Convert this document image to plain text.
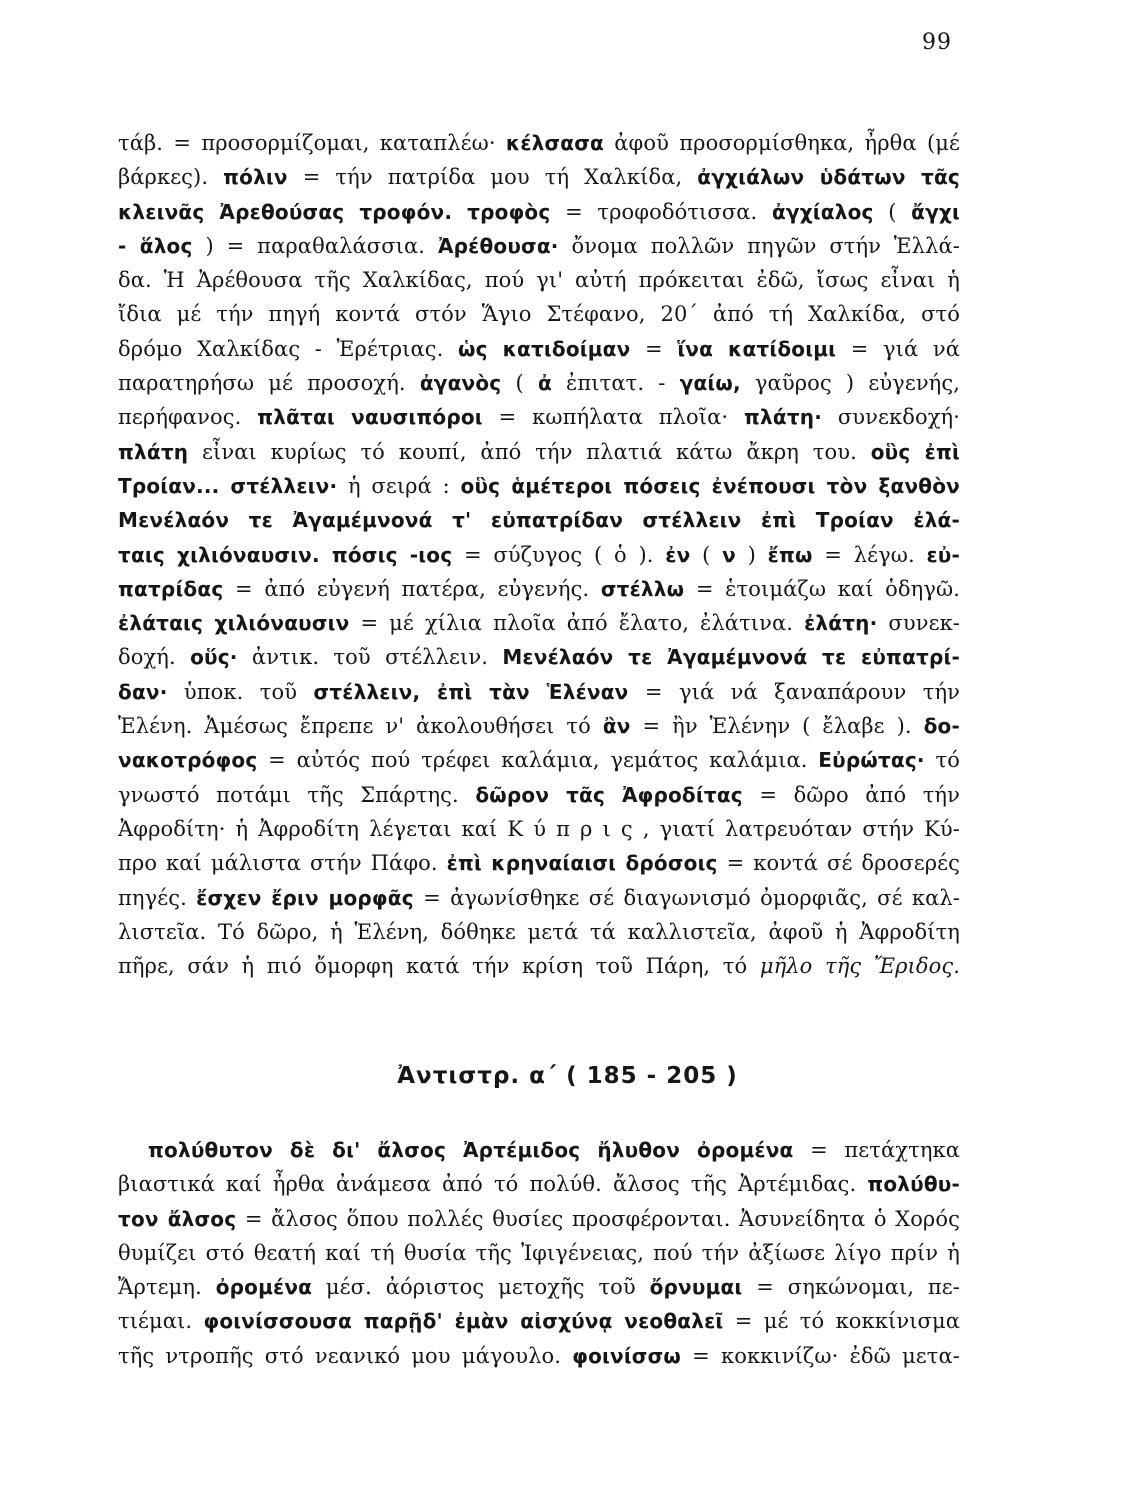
99
τάβ. = προσορμίζομαι, καταπλέω· κέλσασα ἀφοῦ προσορμίσθηκα, ἦρθα (μέ
βάρκες). πόλιν = τήν πατρίδα μου τή Χαλκίδα, ἀγχιάλων ὑδάτων τᾶς
κλεινᾶς Ἀρεθούσας τροφόν. τροφὸς = τροφοδότισσα. ἀγχίαλος ( ἄγχι
- ἅλος ) = παραθαλάσσια. Ἀρέθουσα· ὄνομα πολλῶν πηγῶν στήν Ἑλλά-
δα. Ἡ Ἀρέθουσα τῆς Χαλκίδας, πού γι' αὐτή πρόκειται ἐδῶ, ἴσως εἶναι ἡ
ἴδια μέ τήν πηγή κοντά στόν Ἅγιο Στέφανο, 20΄ ἀπό τή Χαλκίδα, στό
δρόμο Χαλκίδας - Ἐρέτριας. ὡς κατιδοίμαν = ἵνα κατίδοιμι = γιά νά
παρατηρήσω μέ προσοχή. ἀγανὸς ( ἀ ἐπιτατ. - γαίω, γαῦρος ) εὐγενής,
περήφανος. πλᾶται ναυσιπόροι = κωπήλατα πλοῖα· πλάτη· συνεκδοχή·
πλάτη εἶναι κυρίως τό κουπί, ἀπό τήν πλατιά κάτω ἄκρη του. οὓς ἐπὶ
Τροίαν... στέλλειν· ἡ σειρά : οὓς ἁμέτεροι πόσεις ἐνέπουσι τὸν ξανθὸν
Μενέλαόν τε Ἀγαμέμνονά τ' εὐπατρίδαν στέλλειν ἐπὶ Τροίαν ἐλά-
ταις χιλιόναυσιν. πόσις -ιος = σύζυγος ( ὁ ). ἐν ( ν ) ἔπω = λέγω. εὐ-
πατρίδας = ἀπό εὐγενή πατέρα, εὐγενής. στέλλω = ἑτοιμάζω καί ὁδηγῶ.
ἐλάταις χιλιόναυσιν = μέ χίλια πλοῖα ἀπό ἔλατο, ἐλάτινα. ἐλάτη· συνεκ-
δοχή. οὕς· ἀντικ. τοῦ στέλλειν. Μενέλαόν τε Ἀγαμέμνονά τε εὐπατρί-
δαν· ὑποκ. τοῦ στέλλειν, ἐπὶ τὰν Ἑλέναν = γιά νά ξαναπάρουν τήν
Ἑλένη. Ἀμέσως ἔπρεπε ν' ἀκολουθήσει τό ἂν = ἢν Ἑλένην ( ἔλαβε ). δο-
νακοτρόφος = αὐτός πού τρέφει καλάμια, γεμάτος καλάμια. Εὐρώτας· τό
γνωστό ποτάμι τῆς Σπάρτης. δῶρον τᾶς Ἀφροδίτας = δῶρο ἀπό τήν
Ἀφροδίτη· ἡ Ἀφροδίτη λέγεται καί Κ ύ π ρ ι ς , γιατί λατρευόταν στήν Κύ-
προ καί μάλιστα στήν Πάφο. ἐπὶ κρηναίαισι δρόσοις = κοντά σέ δροσερές
πηγές. ἔσχεν ἔριν μορφᾶς = ἀγωνίσθηκε σέ διαγωνισμό ὀμορφιᾶς, σέ καλ-
λιστεῖα. Τό δῶρο, ἡ Ἑλένη, δόθηκε μετά τά καλλιστεῖα, ἀφοῦ ἡ Ἀφροδίτη
πῆρε, σάν ἡ πιό ὄμορφη κατά τήν κρίση τοῦ Πάρη, τό μῆλο τῆς Ἔριδος.
Ἀντιστρ. α΄ ( 185 - 205 )
πολύθυτον δὲ δι' ἄλσος Ἀρτέμιδος ἤλυθον ὀρομένα = πετάχτηκα
βιαστικά καί ἦρθα ἀνάμεσα ἀπό τό πολύθ. ἄλσος τῆς Ἀρτέμιδας. πολύθυ-
τον ἄλσος = ἄλσος ὅπου πολλές θυσίες προσφέρονται. Ἀσυνείδητα ὁ Χορός
θυμίζει στό θεατή καί τή θυσία τῆς Ἰφιγένειας, πού τήν ἀξίωσε λίγο πρίν ἡ
Ἄρτεμη. ὀρομένα μέσ. ἀόριστος μετοχῆς τοῦ ὄρνυμαι = σηκώνομαι, πε-
τιέμαι. φοινίσσουσα παρῇδ' ἐμὰν αἰσχύνᾳ νεοθαλεῖ = μέ τό κοκκίνισμα
τῆς ντροπῆς στό νεανικό μου μάγουλο. φοινίσσω = κοκκινίζω· ἐδῶ μετα-
